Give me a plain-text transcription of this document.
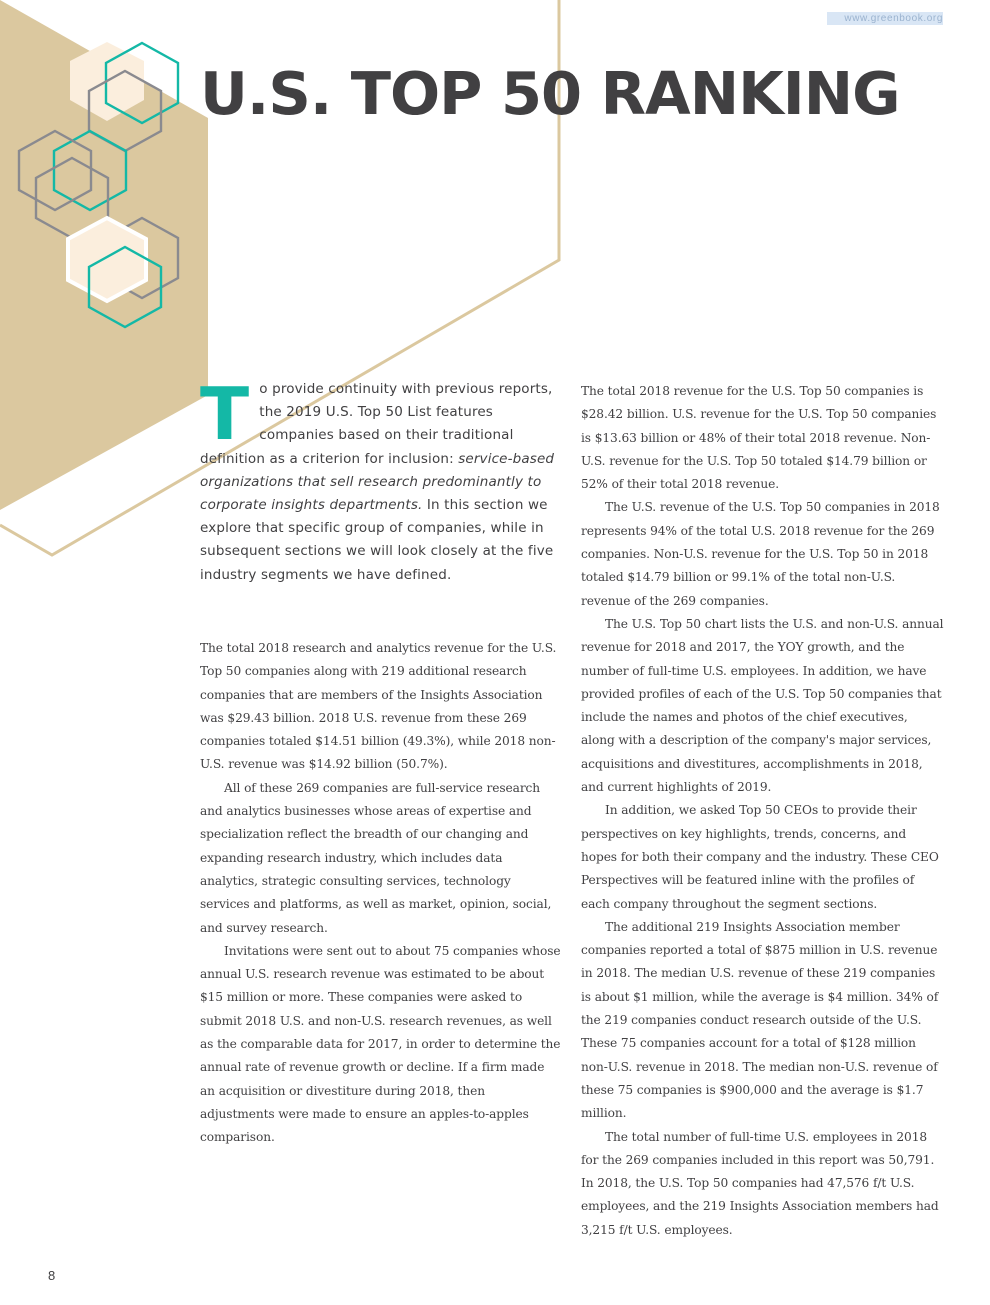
www.greenbook.org
U.S. TOP 50 RANKING

To provide continuity with previous reports, the 2019 U.S. Top 50 List features companies based on their traditional definition as a criterion for inclusion: service-based organizations that sell research predominantly to corporate insights departments. In this section we explore that specific group of companies, while in subsequent sections we will look closely at the five industry segments we have defined.

The total 2018 research and analytics revenue for the U.S. Top 50 companies along with 219 additional research companies that are members of the Insights Association was $29.43 billion. 2018 U.S. revenue from these 269 companies totaled $14.51 billion (49.3%), while 2018 non-U.S. revenue was $14.92 billion (50.7%).

All of these 269 companies are full-service research and analytics businesses whose areas of expertise and specialization reflect the breadth of our changing and expanding research industry, which includes data analytics, strategic consulting services, technology services and platforms, as well as market, opinion, social, and survey research.

Invitations were sent out to about 75 companies whose annual U.S. research revenue was estimated to be about $15 million or more. These companies were asked to submit 2018 U.S. and non-U.S. research revenues, as well as the comparable data for 2017, in order to determine the annual rate of revenue growth or decline. If a firm made an acquisition or divestiture during 2018, then adjustments were made to ensure an apples-to-apples comparison.

The total 2018 revenue for the U.S. Top 50 companies is $28.42 billion. U.S. revenue for the U.S. Top 50 companies is $13.63 billion or 48% of their total 2018 revenue. Non-U.S. revenue for the U.S. Top 50 totaled $14.79 billion or 52% of their total 2018 revenue.

The U.S. revenue of the U.S. Top 50 companies in 2018 represents 94% of the total U.S. 2018 revenue for the 269 companies. Non-U.S. revenue for the U.S. Top 50 in 2018 totaled $14.79 billion or 99.1% of the total non-U.S. revenue of the 269 companies.

The U.S. Top 50 chart lists the U.S. and non-U.S. annual revenue for 2018 and 2017, the YOY growth, and the number of full-time U.S. employees. In addition, we have provided profiles of each of the U.S. Top 50 companies that include the names and photos of the chief executives, along with a description of the company's major services, acquisitions and divestitures, accomplishments in 2018, and current highlights of 2019.

In addition, we asked Top 50 CEOs to provide their perspectives on key highlights, trends, concerns, and hopes for both their company and the industry. These CEO Perspectives will be featured inline with the profiles of each company throughout the segment sections.

The additional 219 Insights Association member companies reported a total of $875 million in U.S. revenue in 2018. The median U.S. revenue of these 219 companies is about $1 million, while the average is $4 million. 34% of the 219 companies conduct research outside of the U.S. These 75 companies account for a total of $128 million non-U.S. revenue in 2018. The median non-U.S. revenue of these 75 companies is $900,000 and the average is $1.7 million.

The total number of full-time U.S. employees in 2018 for the 269 companies included in this report was 50,791. In 2018, the U.S. Top 50 companies had 47,576 f/t U.S. employees, and the 219 Insights Association members had 3,215 f/t U.S. employees.

8
